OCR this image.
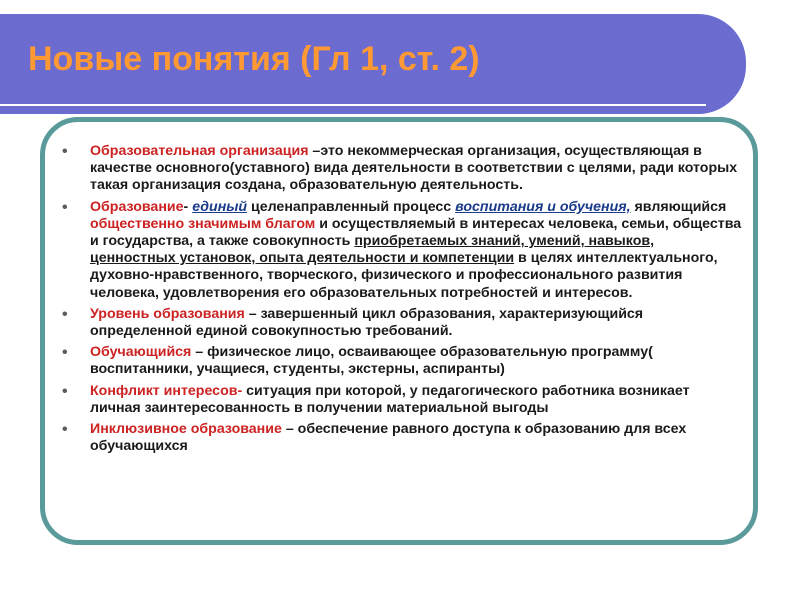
Новые понятия (Гл 1, ст. 2)
• Образовательная организация –это некоммерческая организация, осуществляющая в качестве основного(уставного) вида деятельности в соответствии с целями, ради которых такая организация создана, образовательную деятельность.
• Образование- единый целенаправленный процесс воспитания и обучения, являющийся общественно значимым благом и осуществляемый в интересах человека, семьи, общества и государства, а также совокупность приобретаемых знаний, умений, навыков, ценностных установок, опыта деятельности и компетенции в целях интеллектуального, духовно-нравственного, творческого, физического и профессионального развития человека, удовлетворения его образовательных потребностей и интересов.
• Уровень образования – завершенный цикл образования, характеризующийся определенной единой совокупностью требований.
• Обучающийся – физическое лицо, осваивающее образовательную программу( воспитанники, учащиеся, студенты, экстерны, аспиранты)
• Конфликт интересов- ситуация при которой, у педагогического работника возникает личная заинтересованность в получении материальной выгоды
• Инклюзивное образование – обеспечение равного доступа к образованию для всех обучающихся
